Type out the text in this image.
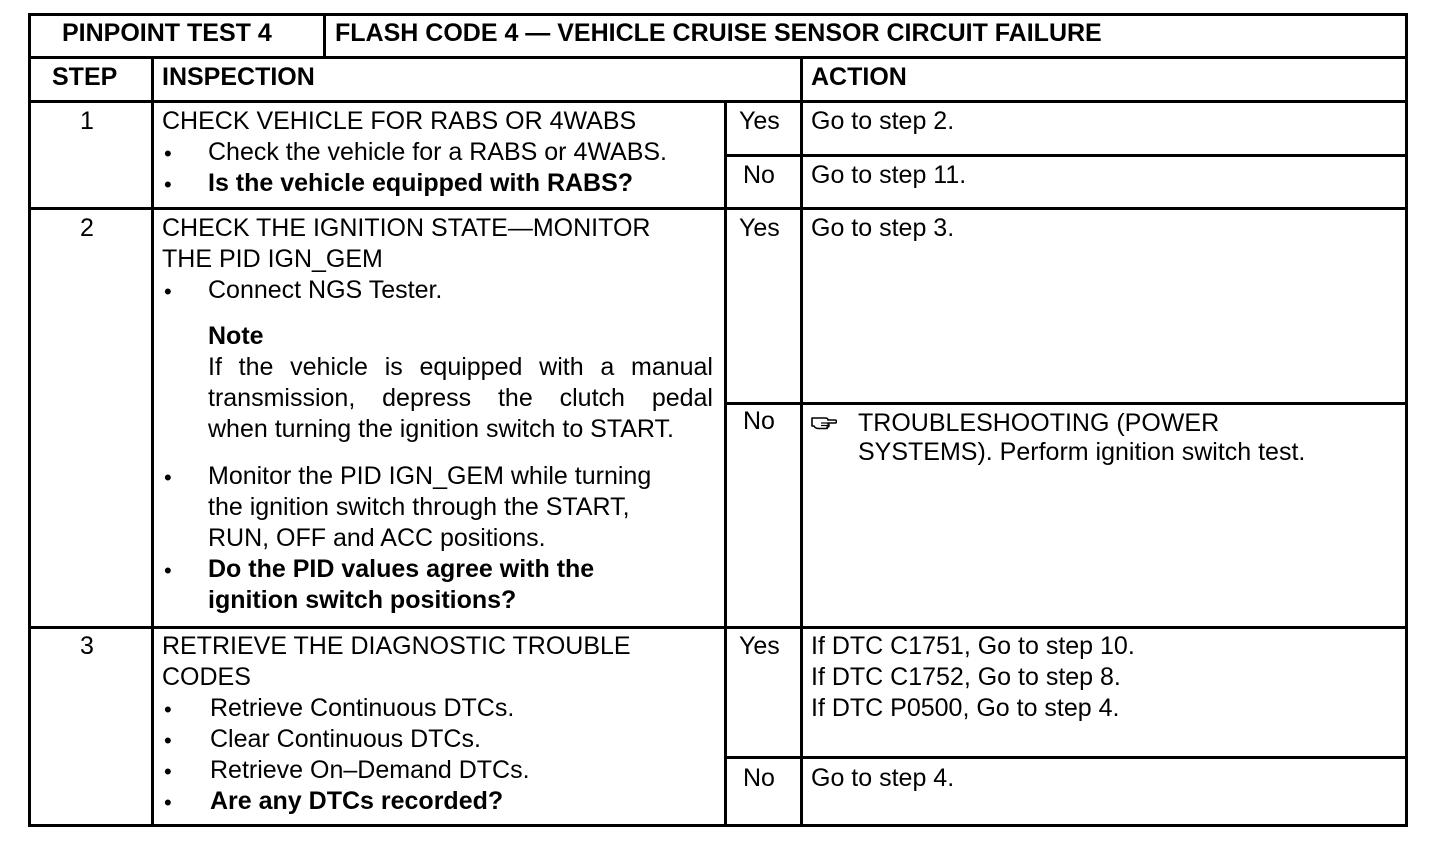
PINPOINT TEST 4	FLASH CODE 4 — VEHICLE CRUISE SENSOR CIRCUIT FAILURE
STEP INSPECTION	ACTION
1	CHECK VEHICLE FOR RABS OR 4WABS
• Check the vehicle for a RABS or 4WABS.
• Is the vehicle equipped with RABS?
Yes Go to step 2.
No Go to step 11.
2	CHECK THE IGNITION STATE—MONITOR
THE PID IGN_GEM
• Connect NGS Tester.
Note
If the vehicle is equipped with a manual
transmission, depress the clutch pedal
when turning the ignition switch to START.
• Monitor the PID IGN_GEM while turning
the ignition switch through the START,
RUN, OFF and ACC positions.
• Do the PID values agree with the
ignition switch positions?
Yes Go to step 3.
No	TROUBLESHOOTING (POWER
SYSTEMS). Perform ignition switch test.
3	RETRIEVE THE DIAGNOSTIC TROUBLE
CODES
• Retrieve Continuous DTCs.
• Clear Continuous DTCs.
• Retrieve On–Demand DTCs.
• Are any DTCs recorded?
Yes If DTC C1751, Go to step 10.
If DTC C1752, Go to step 8.
If DTC P0500, Go to step 4.
No Go to step 4.
